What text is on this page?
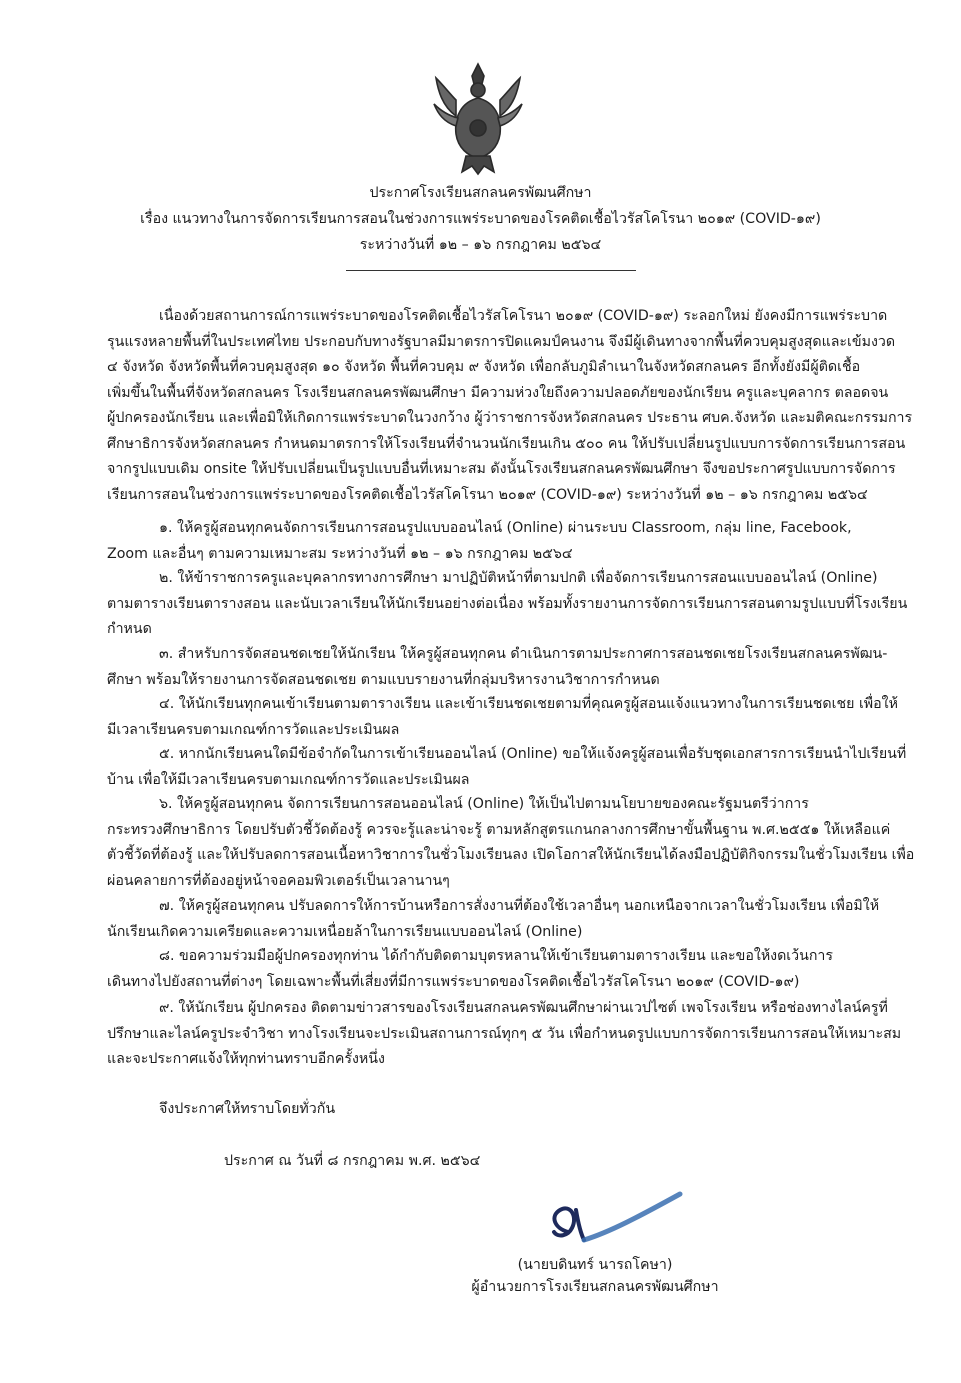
ประกาศโรงเรียนสกลนครพัฒนศึกษา
เรื่อง แนวทางในการจัดการเรียนการสอนในช่วงการแพร่ระบาดของโรคติดเชื้อไวรัสโคโรนา ๒๐๑๙ (COVID-๑๙)
ระหว่างวันที่ ๑๒ – ๑๖ กรกฎาคม ๒๕๖๔
เนื่องด้วยสถานการณ์การแพร่ระบาดของโรคติดเชื้อไวรัสโคโรนา ๒๐๑๙ (COVID-๑๙) ระลอกใหม่ ยังคงมีการแพร่ระบาด
รุนแรงหลายพื้นที่ในประเทศไทย ประกอบกับทางรัฐบาลมีมาตรการปิดแคมป์คนงาน จึงมีผู้เดินทางจากพื้นที่ควบคุมสูงสุดและเข้มงวด
๔ จังหวัด จังหวัดพื้นที่ควบคุมสูงสุด ๑๐ จังหวัด พื้นที่ควบคุม ๙ จังหวัด เพื่อกลับภูมิลำเนาในจังหวัดสกลนคร อีกทั้งยังมีผู้ติดเชื้อ
เพิ่มขึ้นในพื้นที่จังหวัดสกลนคร โรงเรียนสกลนครพัฒนศึกษา มีความห่วงใยถึงความปลอดภัยของนักเรียน ครูและบุคลากร ตลอดจน
ผู้ปกครองนักเรียน และเพื่อมิให้เกิดการแพร่ระบาดในวงกว้าง ผู้ว่าราชการจังหวัดสกลนคร ประธาน ศบค.จังหวัด และมติคณะกรรมการ
ศึกษาธิการจังหวัดสกลนคร กำหนดมาตรการให้โรงเรียนที่จำนวนนักเรียนเกิน ๕๐๐ คน ให้ปรับเปลี่ยนรูปแบบการจัดการเรียนการสอน
จากรูปแบบเดิม onsite ให้ปรับเปลี่ยนเป็นรูปแบบอื่นที่เหมาะสม ดังนั้นโรงเรียนสกลนครพัฒนศึกษา จึงขอประกาศรูปแบบการจัดการ
เรียนการสอนในช่วงการแพร่ระบาดของโรคติดเชื้อไวรัสโคโรนา ๒๐๑๙ (COVID-๑๙) ระหว่างวันที่ ๑๒ – ๑๖ กรกฎาคม ๒๕๖๔
๑. ให้ครูผู้สอนทุกคนจัดการเรียนการสอนรูปแบบออนไลน์ (Online) ผ่านระบบ Classroom, กลุ่ม line, Facebook,
Zoom และอื่นๆ ตามความเหมาะสม ระหว่างวันที่ ๑๒ – ๑๖ กรกฎาคม ๒๕๖๔
๒. ให้ข้าราชการครูและบุคลากรทางการศึกษา มาปฏิบัติหน้าที่ตามปกติ เพื่อจัดการเรียนการสอนแบบออนไลน์ (Online)
ตามตารางเรียนตารางสอน และนับเวลาเรียนให้นักเรียนอย่างต่อเนื่อง พร้อมทั้งรายงานการจัดการเรียนการสอนตามรูปแบบที่โรงเรียน
กำหนด
๓. สำหรับการจัดสอนชดเชยให้นักเรียน ให้ครูผู้สอนทุกคน ดำเนินการตามประกาศการสอนชดเชยโรงเรียนสกลนครพัฒน-
ศึกษา พร้อมให้รายงานการจัดสอนชดเชย ตามแบบรายงานที่กลุ่มบริหารงานวิชาการกำหนด
๔. ให้นักเรียนทุกคนเข้าเรียนตามตารางเรียน และเข้าเรียนชดเชยตามที่คุณครูผู้สอนแจ้งแนวทางในการเรียนชดเชย เพื่อให้
มีเวลาเรียนครบตามเกณฑ์การวัดและประเมินผล
๕. หากนักเรียนคนใดมีข้อจำกัดในการเข้าเรียนออนไลน์ (Online) ขอให้แจ้งครูผู้สอนเพื่อรับชุดเอกสารการเรียนนำไปเรียนที่
บ้าน เพื่อให้มีเวลาเรียนครบตามเกณฑ์การวัดและประเมินผล
๖. ให้ครูผู้สอนทุกคน จัดการเรียนการสอนออนไลน์ (Online) ให้เป็นไปตามนโยบายของคณะรัฐมนตรีว่าการ
กระทรวงศึกษาธิการ โดยปรับตัวชี้วัดต้องรู้ ควรจะรู้และน่าจะรู้ ตามหลักสูตรแกนกลางการศึกษาขั้นพื้นฐาน พ.ศ.๒๕๕๑ ให้เหลือแค่
ตัวชี้วัดที่ต้องรู้ และให้ปรับลดการสอนเนื้อหาวิชาการในชั่วโมงเรียนลง เปิดโอกาสให้นักเรียนได้ลงมือปฏิบัติกิจกรรมในชั่วโมงเรียน เพื่อ
ผ่อนคลายการที่ต้องอยู่หน้าจอคอมพิวเตอร์เป็นเวลานานๆ
๗. ให้ครูผู้สอนทุกคน ปรับลดการให้การบ้านหรือการสั่งงานที่ต้องใช้เวลาอื่นๆ นอกเหนือจากเวลาในชั่วโมงเรียน เพื่อมิให้
นักเรียนเกิดความเครียดและความเหนื่อยล้าในการเรียนแบบออนไลน์ (Online)
๘. ขอความร่วมมือผู้ปกครองทุกท่าน ได้กำกับติดตามบุตรหลานให้เข้าเรียนตามตารางเรียน และขอให้งดเว้นการ
เดินทางไปยังสถานที่ต่างๆ โดยเฉพาะพื้นที่เสี่ยงที่มีการแพร่ระบาดของโรคติดเชื้อไวรัสโคโรนา ๒๐๑๙ (COVID-๑๙)
๙. ให้นักเรียน ผู้ปกครอง ติดตามข่าวสารของโรงเรียนสกลนครพัฒนศึกษาผ่านเวปไซต์ เพจโรงเรียน หรือช่องทางไลน์ครูที่
ปรึกษาและไลน์ครูประจำวิชา ทางโรงเรียนจะประเมินสถานการณ์ทุกๆ ๕ วัน เพื่อกำหนดรูปแบบการจัดการเรียนการสอนให้เหมาะสม
และจะประกาศแจ้งให้ทุกท่านทราบอีกครั้งหนึ่ง
จึงประกาศให้ทราบโดยทั่วกัน
ประกาศ ณ วันที่ ๘ กรกฎาคม พ.ศ. ๒๕๖๔
(นายบดินทร์ นารถโคษา)
ผู้อำนวยการโรงเรียนสกลนครพัฒนศึกษา
